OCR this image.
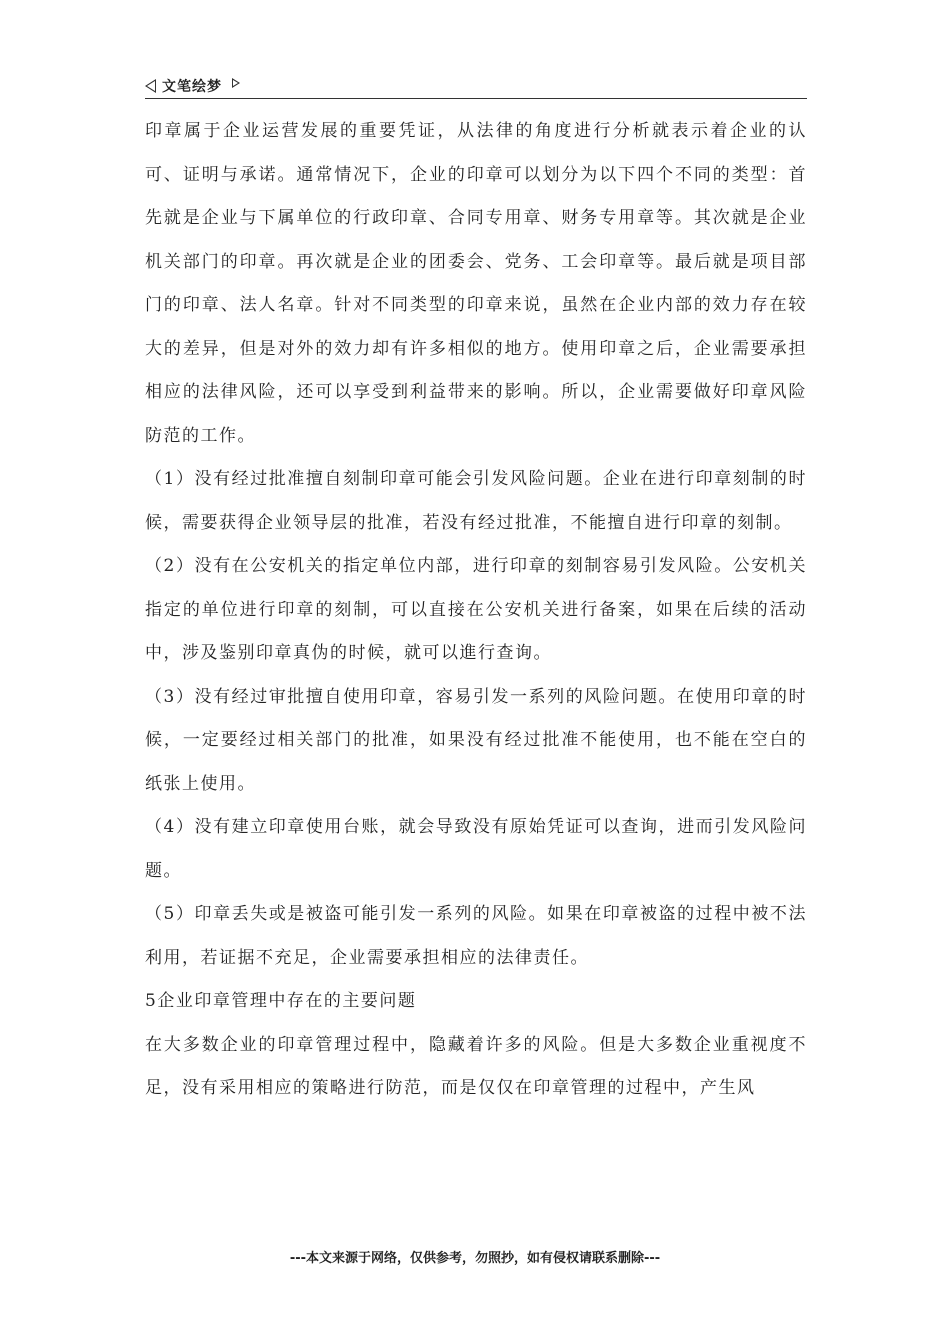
文笔绘梦

印章属于企业运营发展的重要凭证，从法律的角度进行分析就表示着企业的认可、证明与承诺。通常情况下，企业的印章可以划分为以下四个不同的类型：首先就是企业与下属单位的行政印章、合同专用章、财务专用章等。其次就是企业机关部门的印章。再次就是企业的团委会、党务、工会印章等。最后就是项目部门的印章、法人名章。针对不同类型的印章来说，虽然在企业内部的效力存在较大的差异，但是对外的效力却有许多相似的地方。使用印章之后，企业需要承担相应的法律风险，还可以享受到利益带来的影响。所以，企业需要做好印章风险防范的工作。

（1）没有经过批准擅自刻制印章可能会引发风险问题。企业在进行印章刻制的时候，需要获得企业领导层的批准，若没有经过批准，不能擅自进行印章的刻制。

（2）没有在公安机关的指定单位内部，进行印章的刻制容易引发风险。公安机关指定的单位进行印章的刻制，可以直接在公安机关进行备案，如果在后续的活动中，涉及鉴别印章真伪的时候，就可以進行查询。

（3）没有经过审批擅自使用印章，容易引发一系列的风险问题。在使用印章的时候，一定要经过相关部门的批准，如果没有经过批准不能使用，也不能在空白的纸张上使用。

（4）没有建立印章使用台账，就会导致没有原始凭证可以查询，进而引发风险问题。

（5）印章丢失或是被盗可能引发一系列的风险。如果在印章被盗的过程中被不法利用，若证据不充足，企业需要承担相应的法律责任。

5企业印章管理中存在的主要问题

在大多数企业的印章管理过程中，隐藏着许多的风险。但是大多数企业重视度不足，没有采用相应的策略进行防范，而是仅仅在印章管理的过程中，产生风

---本文来源于网络，仅供参考，勿照抄，如有侵权请联系删除---
